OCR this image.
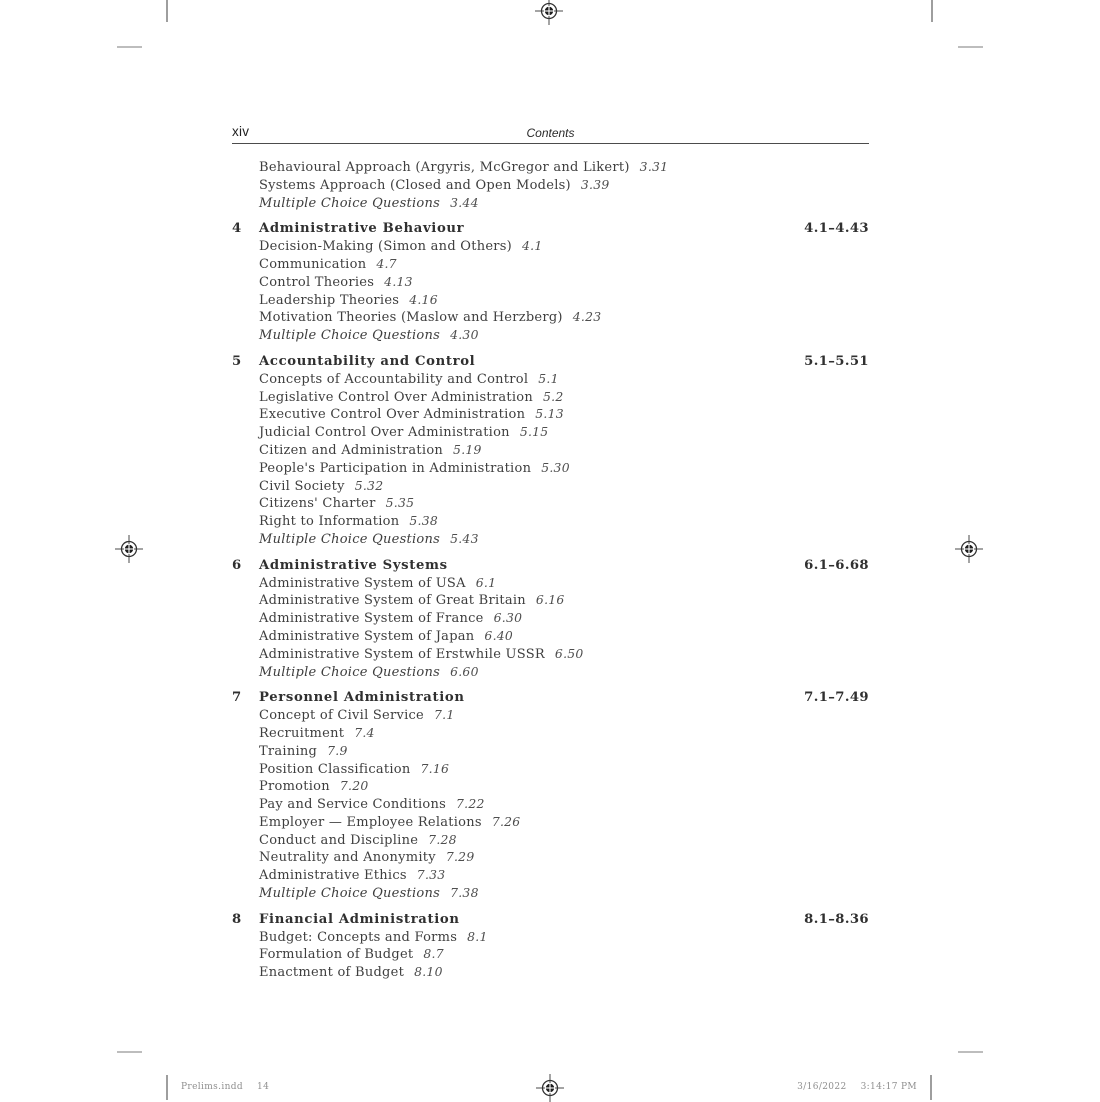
xiv	Contents
Behavioural Approach (Argyris, McGregor and Likert) 3.31
Systems Approach (Closed and Open Models) 3.39
Multiple Choice Questions 3.44
4	Administrative Behaviour	4.1–4.43
Decision-Making (Simon and Others) 4.1
Communication 4.7
Control Theories 4.13
Leadership Theories 4.16
Motivation Theories (Maslow and Herzberg) 4.23
Multiple Choice Questions 4.30
5	Accountability and Control	5.1–5.51
Concepts of Accountability and Control 5.1
Legislative Control Over Administration 5.2
Executive Control Over Administration 5.13
Judicial Control Over Administration 5.15
Citizen and Administration 5.19
People's Participation in Administration 5.30
Civil Society 5.32
Citizens' Charter 5.35
Right to Information 5.38
Multiple Choice Questions 5.43
6	Administrative Systems	6.1–6.68
Administrative System of USA 6.1
Administrative System of Great Britain 6.16
Administrative System of France 6.30
Administrative System of Japan 6.40
Administrative System of Erstwhile USSR 6.50
Multiple Choice Questions 6.60
7	Personnel Administration	7.1–7.49
Concept of Civil Service 7.1
Recruitment 7.4
Training 7.9
Position Classification 7.16
Promotion 7.20
Pay and Service Conditions 7.22
Employer — Employee Relations 7.26
Conduct and Discipline 7.28
Neutrality and Anonymity 7.29
Administrative Ethics 7.33
Multiple Choice Questions 7.38
8	Financial Administration	8.1–8.36
Budget: Concepts and Forms 8.1
Formulation of Budget 8.7
Enactment of Budget 8.10
Prelims.indd 14	3/16/2022 3:14:17 PM
